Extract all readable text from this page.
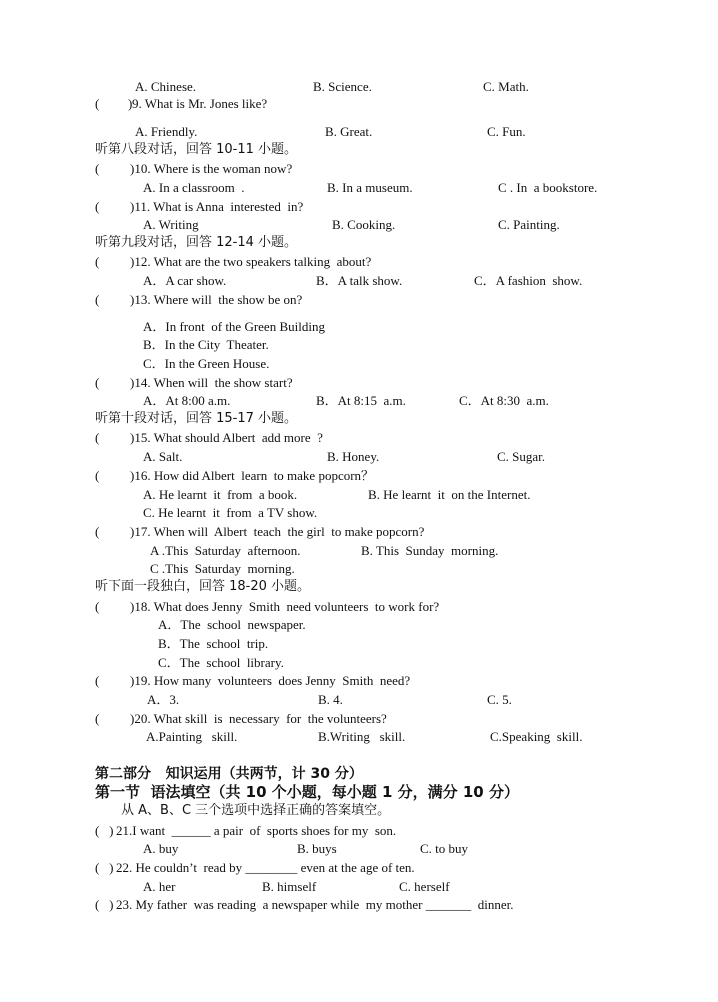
A. Chinese.	B. Science.	C. Math.
( ) 9. What is Mr. Jones like?
A. Friendly.	B. Great.	C. Fun.
听第八段对话，回答 10-11 小题。
( )10. Where is the woman now?
A. In a classroom  .	B. In a museum.	C . In  a bookstore.
( )11. What is Anna  interested  in?
A. Writing	B. Cooking.	C. Painting.
听第九段对话，回答 12-14 小题。
( )12. What are the two speakers talking  about?
A．A car show.	B．A talk show.	C．A fashion  show.
( )13. Where will  the show be on?
A．In front  of the Green Building
B．In the City  Theater.
C．In the Green House.
( )14. When will  the show start?
A．At 8:00 a.m.	B．At 8:15  a.m.	C．At 8:30  a.m.
听第十段对话，回答 15-17 小题。
( )15. What should Albert  add more  ?
A. Salt.	B. Honey.	C. Sugar.
( )16. How did Albert  learn  to make popcorn？
A. He learnt  it  from  a book.	B. He learnt  it  on the Internet.
C. He learnt  it  from  a TV show.
( )17. When will  Albert  teach  the girl  to make popcorn?
A .This  Saturday  afternoon.	B. This  Sunday  morning.
C .This  Saturday  morning.
听下面一段独白，回答 18-20 小题。
( )18. What does Jenny  Smith  need volunteers  to work for?
A．The  school  newspaper.
B．The  school  trip.
C．The  school  library.
( )19. How many  volunteers  does Jenny  Smith  need?
A．3.	B. 4.	C. 5.
( )20. What skill  is  necessary  for  the volunteers?
A.Painting   skill.	B.Writing   skill.	C.Speaking  skill.
第二部分   知识运用（共两节，计 30 分）
第一节  语法填空（共 10 个小题，每小题 1 分，满分 10 分）
从 A、B、C 三个选项中选择正确的答案填空。
(   ) 21.I want  ______ a pair  of  sports shoes for my  son.
A. buy	B. buys	C. to buy
(   ) 22. He couldn’t  read by ________ even at the age of ten.
A. her	B. himself	C. herself
(   ) 23. My father  was reading  a newspaper while  my mother _______  dinner.
